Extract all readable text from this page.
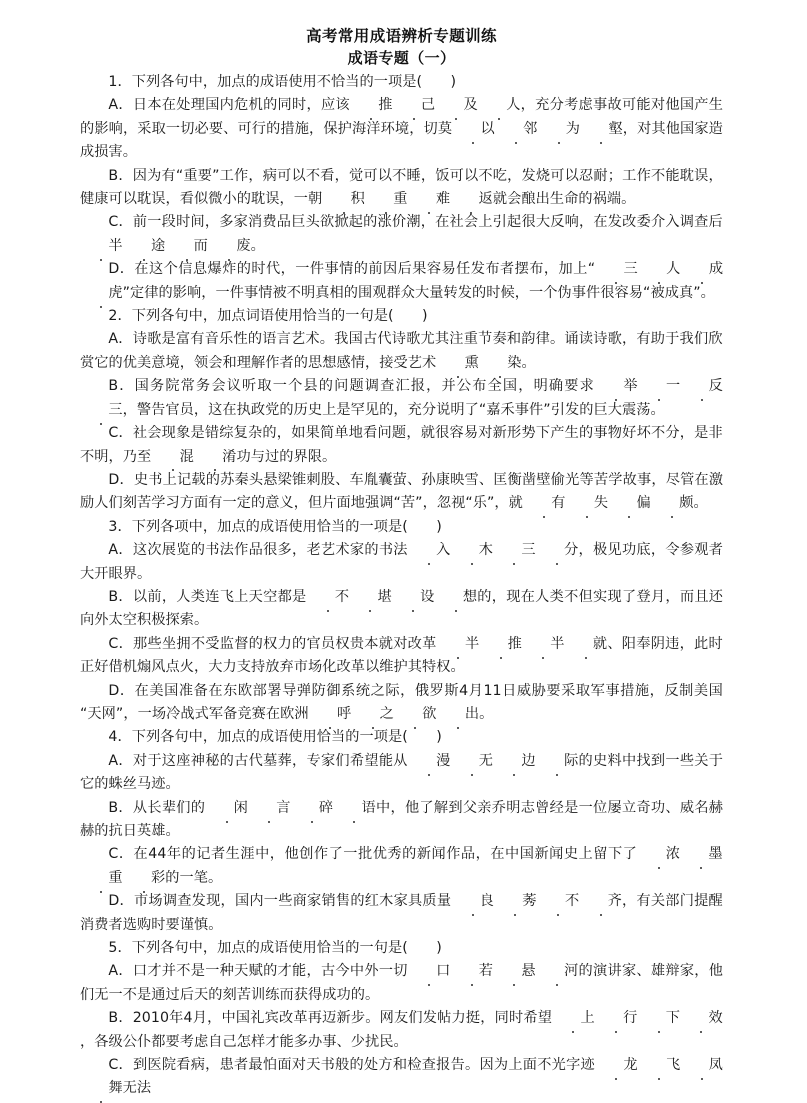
高考常用成语辨析专题训练
成语专题（一）

1．下列各句中，加点的成语使用不恰当的一项是(　　)

A．日本在处理国内危机的同时，应该 推 己 及 人，充分考虑事故可能对他国产生的影响，采取一切必要、可行的措施，保护海洋环境，切莫 以 邻 为 壑，对其他国家造成损害。

B．因为有“重要”工作，病可以不看，觉可以不睡，饭可以不吃，发烧可以忍耐；工作不能耽误，健康可以耽误，看似微小的耽误，一朝 积 重 难 返就会酿出生命的祸端。

C．前一段时间，多家消费品巨头欲掀起的涨价潮，在社会上引起很大反响，在发改委介入调查后半 途 而 废。

D．在这个信息爆炸的时代，一件事情的前因后果容易任发布者摆布，加上“ 三 人 成虎”定律的影响，一件事情被不明真相的围观群众大量转发的时候，一个伪事件很容易“被成真”。

2．下列各句中，加点词语使用恰当的一句是(　　)

A．诗歌是富有音乐性的语言艺术。我国古代诗歌尤其注重节奏和韵律。诵读诗歌，有助于我们欣赏它的优美意境，领会和理解作者的思想感情，接受艺术 熏 染。

B．国务院常务会议听取一个县的问题调查汇报，并公布全国，明确要求 举 一 反三，警告官员，这在执政党的历史上是罕见的，充分说明了“嘉禾事件”引发的巨大震荡。

C．社会现象是错综复杂的，如果简单地看问题，就很容易对新形势下产生的事物好坏不分，是非不明，乃至 混 淆功与过的界限。

D．史书上记载的苏秦头悬梁锥刺股、车胤囊萤、孙康映雪、匡衡凿壁偷光等苦学故事，尽管在激励人们刻苦学习方面有一定的意义，但片面地强调“苦”，忽视“乐”，就 有 失 偏 颇。

3．下列各项中，加点的成语使用恰当的一项是(　　)

A．这次展览的书法作品很多，老艺术家的书法 入 木 三 分，极见功底，令参观者大开眼界。

B．以前，人类连飞上天空都是 不 堪 设 想的，现在人类不但实现了登月，而且还向外太空积极探索。

C．那些坐拥不受监督的权力的官员权贵本就对改革 半 推 半 就、阳奉阴违，此时正好借机煽风点火，大力支持放弃市场化改革以维护其特权。

D．在美国准备在东欧部署导弹防御系统之际，俄罗斯4月11日威胁要采取军事措施，反制美国“天网”，一场冷战式军备竞赛在欧洲 呼 之 欲 出。

4．下列各句中，加点的成语使用恰当的一项是(　　)

A．对于这座神秘的古代墓葬，专家们希望能从 漫 无 边 际的史料中找到一些关于它的蛛丝马迹。

B．从长辈们的 闲 言 碎 语中，他了解到父亲乔明志曾经是一位屡立奇功、威名赫赫的抗日英雄。

C．在44年的记者生涯中，他创作了一批优秀的新闻作品，在中国新闻史上留下了 浓 墨重 彩的一笔。

D．市场调查发现，国内一些商家销售的红木家具质量 良 莠 不 齐，有关部门提醒消费者选购时要谨慎。

5．下列各句中，加点的成语使用恰当的一句是(　　)

A．口才并不是一种天赋的才能，古今中外一切 口 若 悬 河的演讲家、雄辩家，他们无一不是通过后天的刻苦训练而获得成功的。

B．2010年4月，中国礼宾改革再迈新步。网友们发帖力挺，同时希望 上 行 下 效，各级公仆都要考虑自己怎样才能多办事、少扰民。

C．到医院看病，患者最怕面对天书般的处方和检查报告。因为上面不光字迹 龙 飞 凤舞无法
